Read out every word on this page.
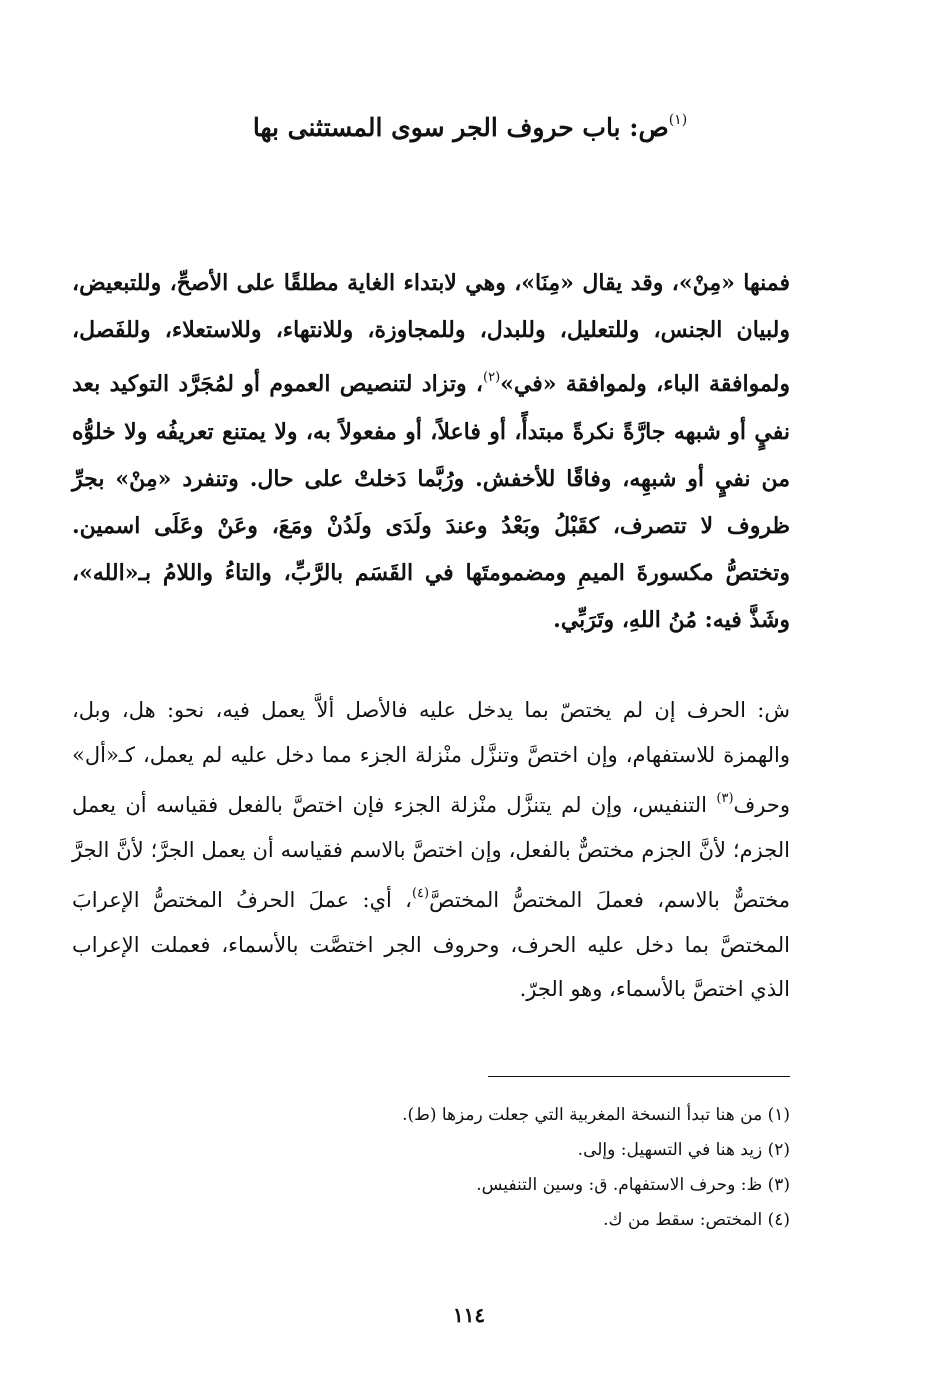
$^{(١)}$ص: باب حروف الجر سوى المستثنى بها

فمنها «مِنْ»، وقد يقال «مِنَا»، وهي لابتداء الغاية مطلقًا على الأصحِّ، وللتبعيض، ولبيان الجنس، وللتعليل، وللبدل، وللمجاوزة، وللانتهاء، وللاستعلاء، وللفَصل، ولموافقة الباء، ولموافقة «في»$^{(٢)}$، وتزاد لتنصيص العموم أو لمُجَرَّد التوكيد بعد نفيٍ أو شبهه جارَّةً نكرةً مبتدأً، أو فاعلاً، أو مفعولاً به، ولا يمتنع تعريفُه ولا خلوُّه من نفيٍ أو شبهِه، وفاقًا للأخفش. ورُبَّما دَخلتْ على حال. وتنفرد «مِنْ» بجرِّ ظروف لا تتصرف، كقَبْلُ وبَعْدُ وعندَ ولَدَى ولَدُنْ ومَعَ، وعَنْ وعَلَى اسمين. وتختصُّ مكسورةَ الميمِ ومضمومتَها في القَسَم بالرَّبِّ، والتاءُ واللامُ بـ«الله»، وشَذَّ فيه: مُنُ اللهِ، وتَرَبِّي.

ش: الحرف إن لم يختصّ بما يدخل عليه فالأصل ألاَّ يعمل فيه، نحو: هل، وبل، والهمزة للاستفهام، وإن اختصَّ وتنزَّل منْزلة الجزء مما دخل عليه لم يعمل، كـ«أل» وحرف$^{(٣)}$ التنفيس، وإن لم يتنزَّل منْزلة الجزء فإن اختصَّ بالفعل فقياسه أن يعمل الجزم؛ لأنَّ الجزم مختصٌّ بالفعل، وإن اختصَّ بالاسم فقياسه أن يعمل الجرَّ؛ لأنَّ الجرَّ مختصٌّ بالاسم، فعملَ المختصُّ المختصَّ$^{(٤)}$، أي: عملَ الحرفُ المختصُّ الإعرابَ المختصَّ بما دخل عليه الحرف، وحروف الجر اختصَّت بالأسماء، فعملت الإعراب الذي اختصَّ بالأسماء، وهو الجرّ.

(١) من هنا تبدأ النسخة المغربية التي جعلت رمزها (ط).
(٢) زيد هنا في التسهيل: وإلى.
(٣) ظ: وحرف الاستفهام. ق: وسين التنفيس.
(٤) المختص: سقط من ك.
١١٤
